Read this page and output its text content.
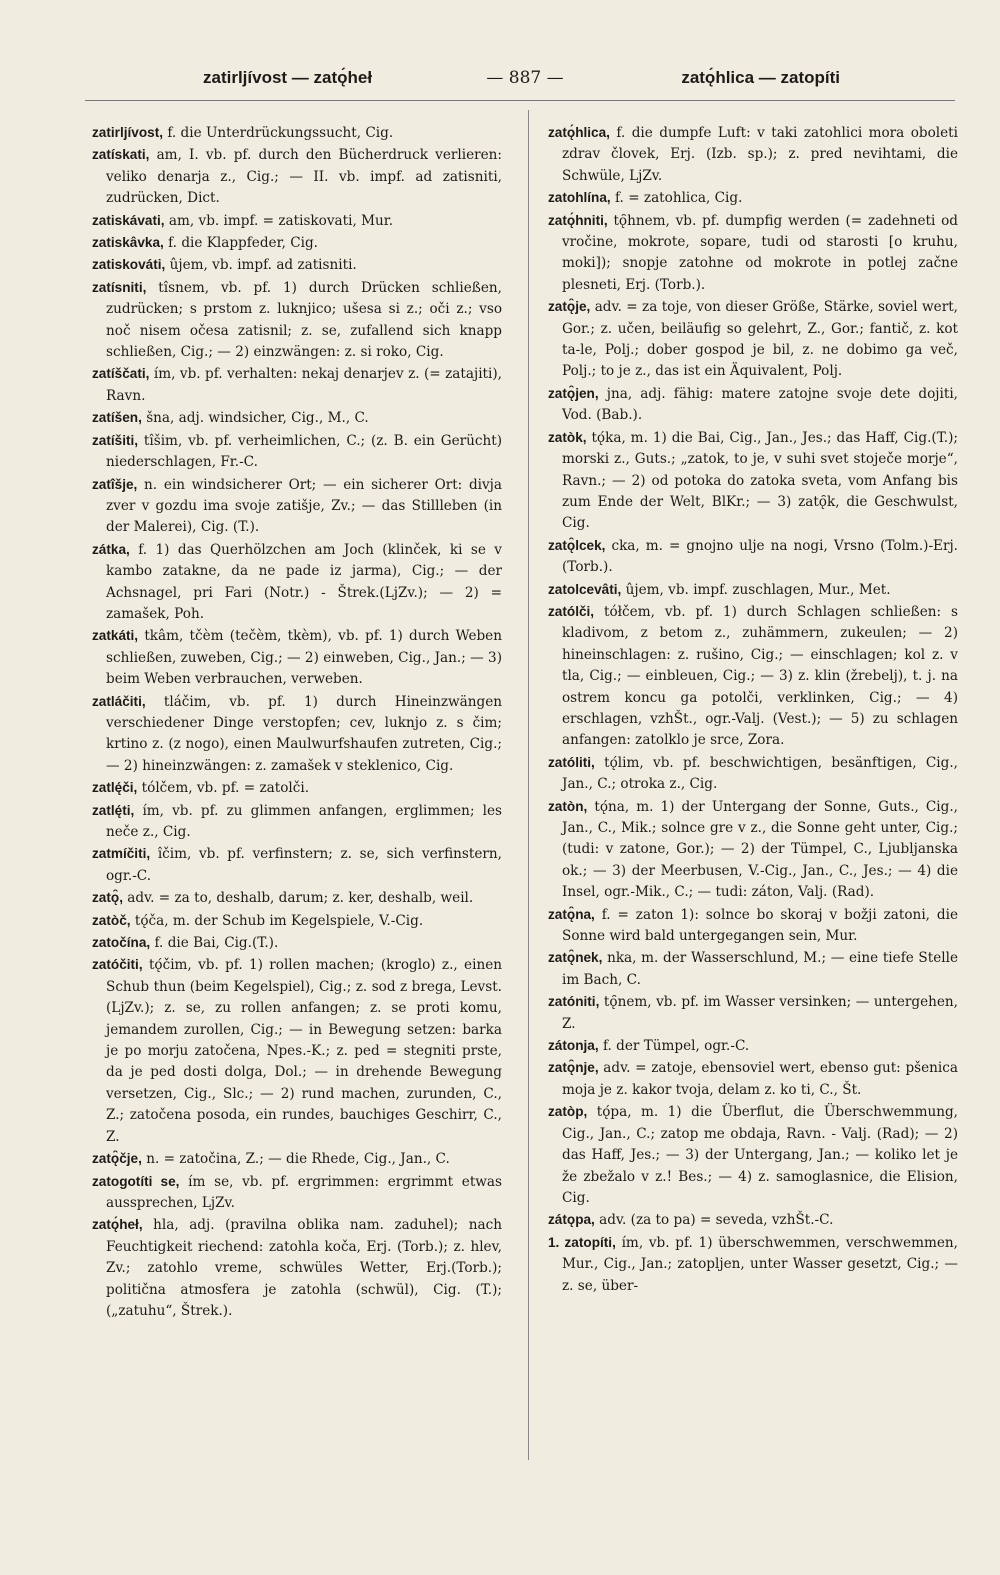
zatirljívost — zatǫ́heł	— 887 —	zatǫ́hlica — zatopíti

zatirljívost, f. die Unterdrückungssucht, Cig.

zatískati, am, I. vb. pf. durch den Bücherdruck verlieren: veliko denarja z., Cig.; — II. vb. impf. ad zatisniti, zudrücken, Dict.

zatiskávati, am, vb. impf. = zatiskovati, Mur.

zatiskâvka, f. die Klappfeder, Cig.

zatiskováti, ûjem, vb. impf. ad zatisniti.

zatísniti, tîsnem, vb. pf. 1) durch Drücken schließen, zudrücken; s prstom z. luknjico; ušesa si z.; oči z.; vso noč nisem očesa zatisnil; z. se, zufallend sich knapp schließen, Cig.; — 2) einzwängen: z. si roko, Cig.

zatíščati, ím, vb. pf. verhalten: nekaj denarjev z. (= zatajiti), Ravn.

zatíšen, šna, adj. windsicher, Cig., M., C.

zatíšiti, tîšim, vb. pf. verheimlichen, C.; (z. B. ein Gerücht) niederschlagen, Fr.-C.

zatîšje, n. ein windsicherer Ort; — ein sicherer Ort: divja zver v gozdu ima svoje zatišje, Zv.; — das Stillleben (in der Malerei), Cig. (T.).

zátka, f. 1) das Querhölzchen am Joch (klinček, ki se v kambo zatakne, da ne pade iz jarma), Cig.; — der Achsnagel, pri Fari (Notr.) - Štrek.(LjZv.); — 2) = zamašek, Poh.

zatkáti, tkâm, tčèm (tečèm, tkèm), vb. pf. 1) durch Weben schließen, zuweben, Cig.; — 2) einweben, Cig., Jan.; — 3) beim Weben verbrauchen, verweben.

zatláčiti, tláčim, vb. pf. 1) durch Hineinzwängen verschiedener Dinge verstopfen; cev, luknjo z. s čim; krtino z. (z nogo), einen Maulwurfshaufen zutreten, Cig.; — 2) hineinzwängen: z. zamašek v steklenico, Cig.

zatlę́či, tólčem, vb. pf. = zatolči.

zatlę́ti, ím, vb. pf. zu glimmen anfangen, erglimmen; les neče z., Cig.

zatmíčiti, îčim, vb. pf. verfinstern; z. se, sich verfinstern, ogr.-C.

zatǫ̑, adv. = za to, deshalb, darum; z. ker, deshalb, weil.

zatòč, tǫ́ča, m. der Schub im Kegelspiele, V.-Cig.

zatočína, f. die Bai, Cig.(T.).

zatóčiti, tǫ́čim, vb. pf. 1) rollen machen; (kroglo) z., einen Schub thun (beim Kegelspiel), Cig.; z. sod z brega, Levst. (LjZv.); z. se, zu rollen anfangen; z. se proti komu, jemandem zurollen, Cig.; — in Bewegung setzen: barka je po morju zatočena, Npes.-K.; z. ped = stegniti prste, da je ped dosti dolga, Dol.; — in drehende Bewegung versetzen, Cig., Slc.; — 2) rund machen, zurunden, C., Z.; zatočena posoda, ein rundes, bauchiges Geschirr, C., Z.

zatǫ̑čje, n. = zatočina, Z.; — die Rhede, Cig., Jan., C.

zatogotíti se, ím se, vb. pf. ergrimmen: ergrimmt etwas aussprechen, LjZv.

zatǫ́heł, hla, adj. (pravilna oblika nam. zaduhel); nach Feuchtigkeit riechend: zatohla koča, Erj. (Torb.); z. hlev, Zv.; zatohlo vreme, schwüles Wetter, Erj.(Torb.); politična atmosfera je zatohla (schwül), Cig. (T.); („zatuhu“, Štrek.).

zatǫ́hlica, f. die dumpfe Luft: v taki zatohlici mora oboleti zdrav človek, Erj. (Izb. sp.); z. pred nevihtami, die Schwüle, LjZv.

zatohlína, f. = zatohlica, Cig.

zatǫ́hniti, tǫ̑hnem, vb. pf. dumpfig werden (= zadehneti od vročine, mokrote, sopare, tudi od starosti [o kruhu, moki]); snopje zatohne od mokrote in potlej začne plesneti, Erj. (Torb.).

zatǫ̑je, adv. = za toje, von dieser Größe, Stärke, soviel wert, Gor.; z. učen, beiläufig so gelehrt, Z., Gor.; fantič, z. kot ta-le, Polj.; dober gospod je bil, z. ne dobimo ga več, Polj.; to je z., das ist ein Äquivalent, Polj.

zatǫ̑jen, jna, adj. fähig: matere zatojne svoje dete dojiti, Vod. (Bab.).

zatòk, tǫ́ka, m. 1) die Bai, Cig., Jan., Jes.; das Haff, Cig.(T.); morski z., Guts.; „zatok, to je, v suhi svet stoječe morje“, Ravn.; — 2) od potoka do zatoka sveta, vom Anfang bis zum Ende der Welt, BlKr.; — 3) zatǫ̑k, die Geschwulst, Cig.

zatǫ̑lcek, cka, m. = gnojno ulje na nogi, Vrsno (Tolm.)-Erj.(Torb.).

zatolcevâti, ûjem, vb. impf. zuschlagen, Mur., Met.

zatólči, tółčem, vb. pf. 1) durch Schlagen schließen: s kladivom, z betom z., zuhämmern, zukeulen; — 2) hineinschlagen: z. rušino, Cig.; — einschlagen; kol z. v tla, Cig.; — einbleuen, Cig.; — 3) z. klin (žrebelj), t. j. na ostrem koncu ga potolči, verklinken, Cig.; — 4) erschlagen, vzhŠt., ogr.-Valj. (Vest.); — 5) zu schlagen anfangen: zatolklo je srce, Zora.

zatóliti, tǫ́lim, vb. pf. beschwichtigen, besänftigen, Cig., Jan., C.; otroka z., Cig.

zatòn, tǫ́na, m. 1) der Untergang der Sonne, Guts., Cig., Jan., C., Mik.; solnce gre v z., die Sonne geht unter, Cig.; (tudi: v zatone, Gor.); — 2) der Tümpel, C., Ljubljanska ok.; — 3) der Meerbusen, V.-Cig., Jan., C., Jes.; — 4) die Insel, ogr.-Mik., C.; — tudi: záton, Valj. (Rad).

zatǫ̑na, f. = zaton 1): solnce bo skoraj v božji zatoni, die Sonne wird bald untergegangen sein, Mur.

zatǫ̑nek, nka, m. der Wasserschlund, M.; — eine tiefe Stelle im Bach, C.

zatóniti, tǫ̑nem, vb. pf. im Wasser versinken; — untergehen, Z.

zátonja, f. der Tümpel, ogr.-C.

zatǫ̑nje, adv. = zatoje, ebensoviel wert, ebenso gut: pšenica moja je z. kakor tvoja, delam z. ko ti, C., Št.

zatòp, tǫ́pa, m. 1) die Überflut, die Überschwemmung, Cig., Jan., C.; zatop me obdaja, Ravn. - Valj. (Rad); — 2) das Haff, Jes.; — 3) der Untergang, Jan.; — koliko let je že zbežalo v z.! Bes.; — 4) z. samoglasnice, die Elision, Cig.

zátǫpa, adv. (za to pa) = seveda, vzhŠt.-C.

1. zatopíti, ím, vb. pf. 1) überschwemmen, verschwemmen, Mur., Cig., Jan.; zatopljen, unter Wasser gesetzt, Cig.; — z. se, über-
